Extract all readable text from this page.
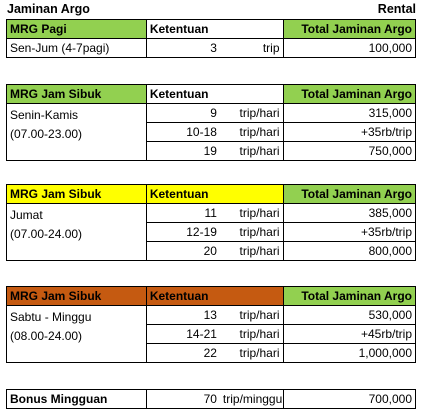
Jaminan Argo	Rental
MRG Pagi	Ketentuan		Total Jaminan Argo
Sen-Jum (4-7pagi)	3	trip	100,000
MRG Jam Sibuk	Ketentuan		Total Jaminan Argo

Senin-Kamis
(07.00-23.00)	9	trip/hari	315,000
	10-18	trip/hari	+35rb/trip
	19	trip/hari	750,000
MRG Jam Sibuk	Ketentuan		Total Jaminan Argo

Jumat
(07.00-24.00)	11	trip/hari	385,000
	12-19	trip/hari	+35rb/trip
	20	trip/hari	800,000
MRG Jam Sibuk	Ketentuan		Total Jaminan Argo

Sabtu - Minggu
(08.00-24.00)	13	trip/hari	530,000
	14-21	trip/hari	+45rb/trip
	22	trip/hari	1,000,000
Bonus Mingguan	70	trip/minggu	700,000
